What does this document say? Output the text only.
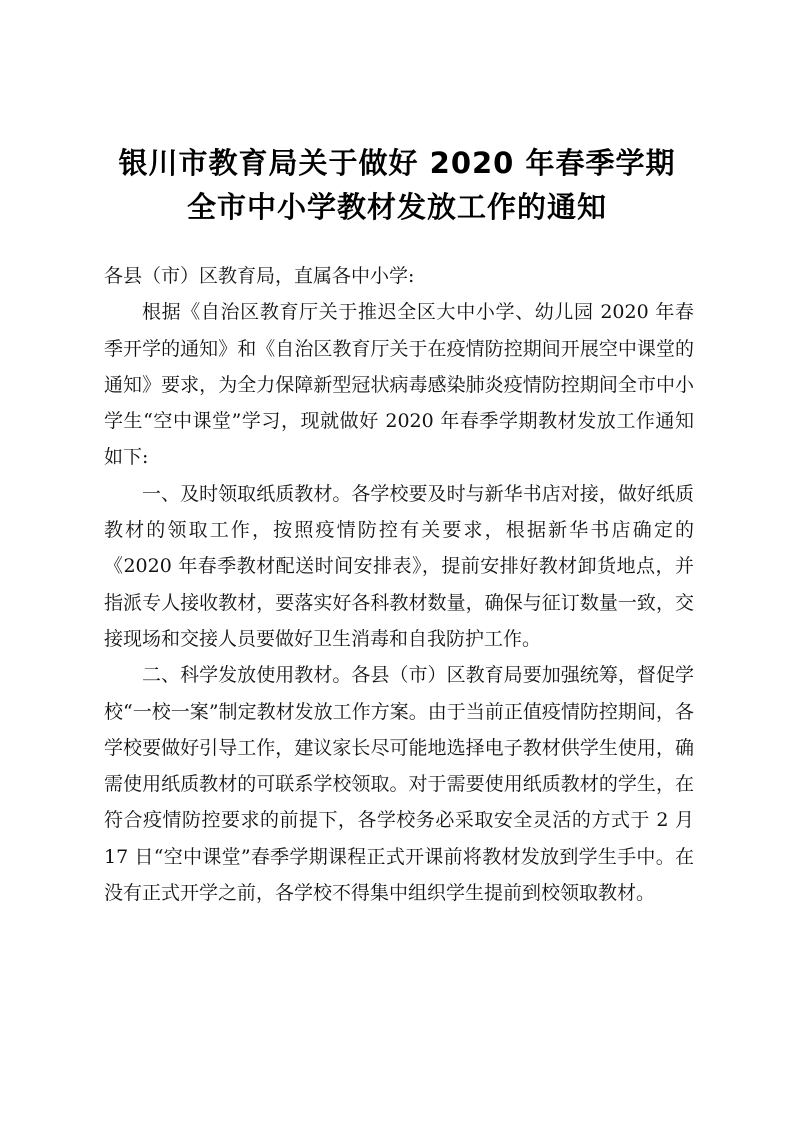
银川市教育局关于做好 2020 年春季学期
全市中小学教材发放工作的通知

各县（市）区教育局，直属各中小学:

根据《自治区教育厅关于推迟全区大中小学、幼儿园 2020 年春季开学的通知》和《自治区教育厅关于在疫情防控期间开展空中课堂的通知》要求，为全力保障新型冠状病毒感染肺炎疫情防控期间全市中小学生“空中课堂”学习，现就做好 2020 年春季学期教材发放工作通知如下:

一、及时领取纸质教材。各学校要及时与新华书店对接，做好纸质教材的领取工作，按照疫情防控有关要求，根据新华书店确定的《2020 年春季教材配送时间安排表》，提前安排好教材卸货地点，并指派专人接收教材，要落实好各科教材数量，确保与征订数量一致，交接现场和交接人员要做好卫生消毒和自我防护工作。

二、科学发放使用教材。各县（市）区教育局要加强统筹，督促学校“一校一案”制定教材发放工作方案。由于当前正值疫情防控期间，各学校要做好引导工作，建议家长尽可能地选择电子教材供学生使用，确需使用纸质教材的可联系学校领取。对于需要使用纸质教材的学生，在符合疫情防控要求的前提下，各学校务必采取安全灵活的方式于 2 月 17 日“空中课堂”春季学期课程正式开课前将教材发放到学生手中。在没有正式开学之前，各学校不得集中组织学生提前到校领取教材。
